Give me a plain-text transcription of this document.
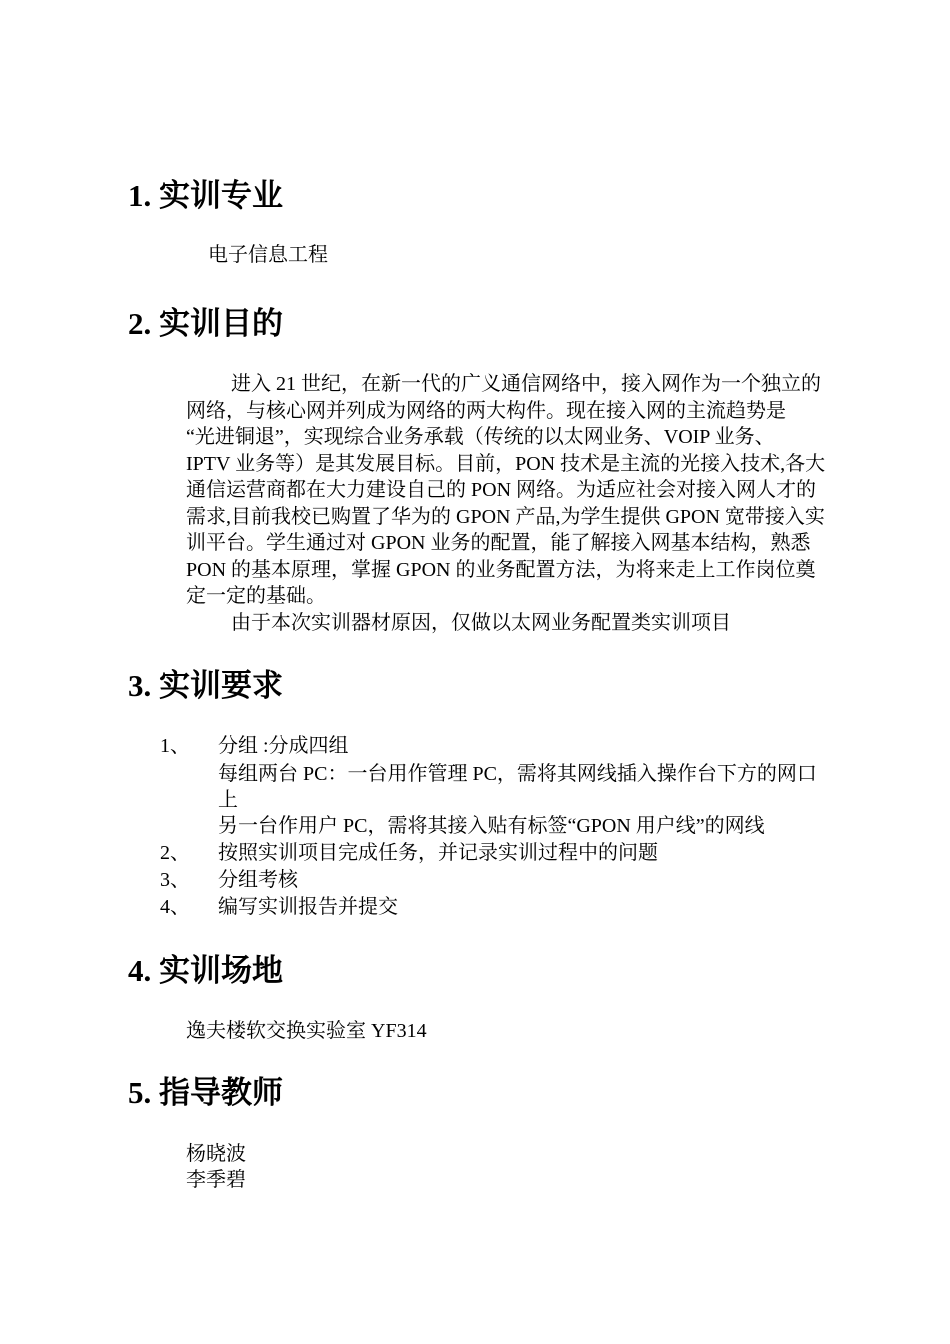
1. 实训专业

电子信息工程

2. 实训目的
进入 21 世纪，在新一代的广义通信网络中，接入网作为一个独立的
网络，与核心网并列成为网络的两大构件。现在接入网的主流趋势是
“光进铜退”，实现综合业务承载（传统的以太网业务、VOIP 业务、
IPTV 业务等）是其发展目标。目前，PON 技术是主流的光接入技术,各大
通信运营商都在大力建设自己的 PON 网络。为适应社会对接入网人才的
需求,目前我校已购置了华为的 GPON 产品,为学生提供 GPON 宽带接入实
训平台。学生通过对 GPON 业务的配置，能了解接入网基本结构，熟悉
PON 的基本原理，掌握 GPON 的业务配置方法，为将来走上工作岗位奠
定一定的基础。
由于本次实训器材原因，仅做以太网业务配置类实训项目
3. 实训要求
1、 分组 :分成四组
每组两台 PC：一台用作管理 PC，需将其网线插入操作台下方的网口
上
另一台作用户 PC，需将其接入贴有标签“GPON 用户线”的网线
2、 按照实训项目完成任务，并记录实训过程中的问题
3、 分组考核
4、 编写实训报告并提交
4. 实训场地

逸夫楼软交换实验室 YF314

5. 指导教师

杨晓波

李季碧
